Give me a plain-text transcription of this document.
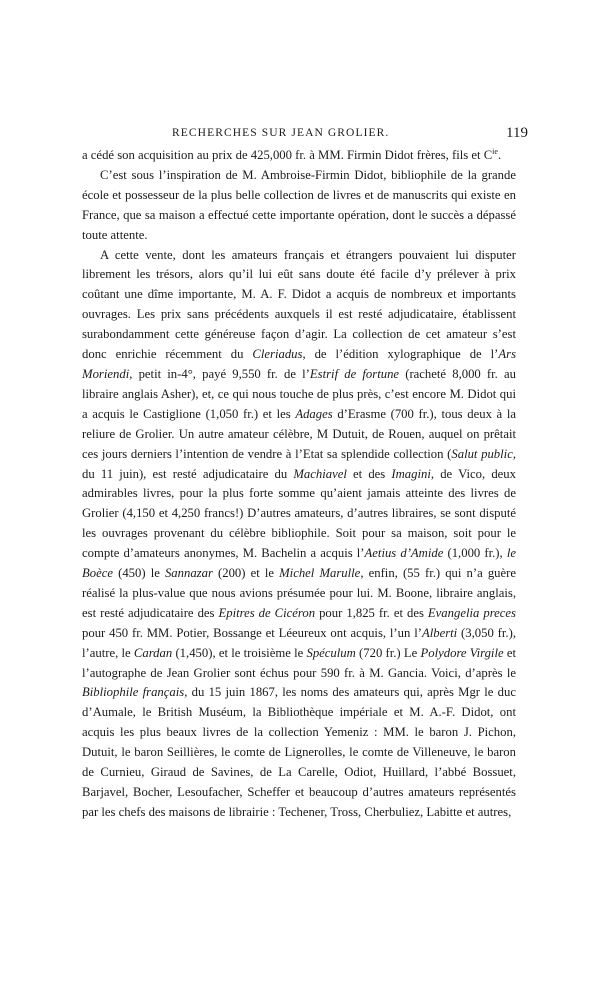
RECHERCHES SUR JEAN GROLIER.	119

a cédé son acquisition au prix de 425,000 fr. à MM. Firmin Didot frères, fils et $C^{ie}$.

C’est sous l’inspiration de M. Ambroise-Firmin Didot, bibliophile de la grande école et possesseur de la plus belle collection de livres et de manuscrits qui existe en France, que sa maison a effectué cette importante opération, dont le succès a dépassé toute attente.

A cette vente, dont les amateurs français et étrangers pouvaient lui disputer librement les trésors, alors qu’il lui eût sans doute été facile d’y prélever à prix coûtant une dîme importante, M. A. F. Didot a acquis de nombreux et importants ouvrages. Les prix sans précédents auxquels il est resté adjudicataire, établissent surabondamment cette généreuse façon d’agir. La collection de cet amateur s’est donc enrichie récemment du Cleriadus, de l’édition xylographique de l’Ars Moriendi, petit in-4°, payé 9,550 fr. de l’Estrif de fortune (racheté 8,000 fr. au libraire anglais Asher), et, ce qui nous touche de plus près, c’est encore M. Didot qui a acquis le Castiglione (1,050 fr.) et les Adages d’Erasme (700 fr.), tous deux à la reliure de Grolier. Un autre amateur célèbre, M Dutuit, de Rouen, auquel on prêtait ces jours derniers l’intention de vendre à l’Etat sa splendide collection (Salut public, du 11 juin), est resté adjudicataire du Machiavel et des Imagini, de Vico, deux admirables livres, pour la plus forte somme qu’aient jamais atteinte des livres de Grolier (4,150 et 4,250 francs!) D’autres amateurs, d’autres libraires, se sont disputé les ouvrages provenant du célèbre bibliophile. Soit pour sa maison, soit pour le compte d’amateurs anonymes, M. Bachelin a acquis l’Aetius d’Amide (1,000 fr.), le Boèce (450) le Sannazar (200) et le Michel Marulle, enfin, (55 fr.) qui n’a guère réalisé la plus-value que nous avions présumée pour lui. M. Boone, libraire anglais, est resté adjudicataire des Epitres de Cicéron pour 1,825 fr. et des Evangelia preces pour 450 fr. MM. Potier, Bossange et Léeureux ont acquis, l’un l’Alberti (3,050 fr.), l’autre, le Cardan (1,450), et le troisième le Spéculum (720 fr.) Le Polydore Virgile et l’autographe de Jean Grolier sont échus pour 590 fr. à M. Gancia. Voici, d’après le Bibliophile français, du 15 juin 1867, les noms des amateurs qui, après Mgr le duc d’Aumale, le British Muséum, la Bibliothèque impériale et M. A.-F. Didot, ont acquis les plus beaux livres de la collection Yemeniz : MM. le baron J. Pichon, Dutuit, le baron Seillières, le comte de Lignerolles, le comte de Villeneuve, le baron de Curnieu, Giraud de Savines, de La Carelle, Odiot, Huillard, l’abbé Bossuet, Barjavel, Bocher, Lesoufacher, Scheffer et beaucoup d’autres amateurs représentés par les chefs des maisons de librairie : Techener, Tross, Cherbuliez, Labitte et autres,
